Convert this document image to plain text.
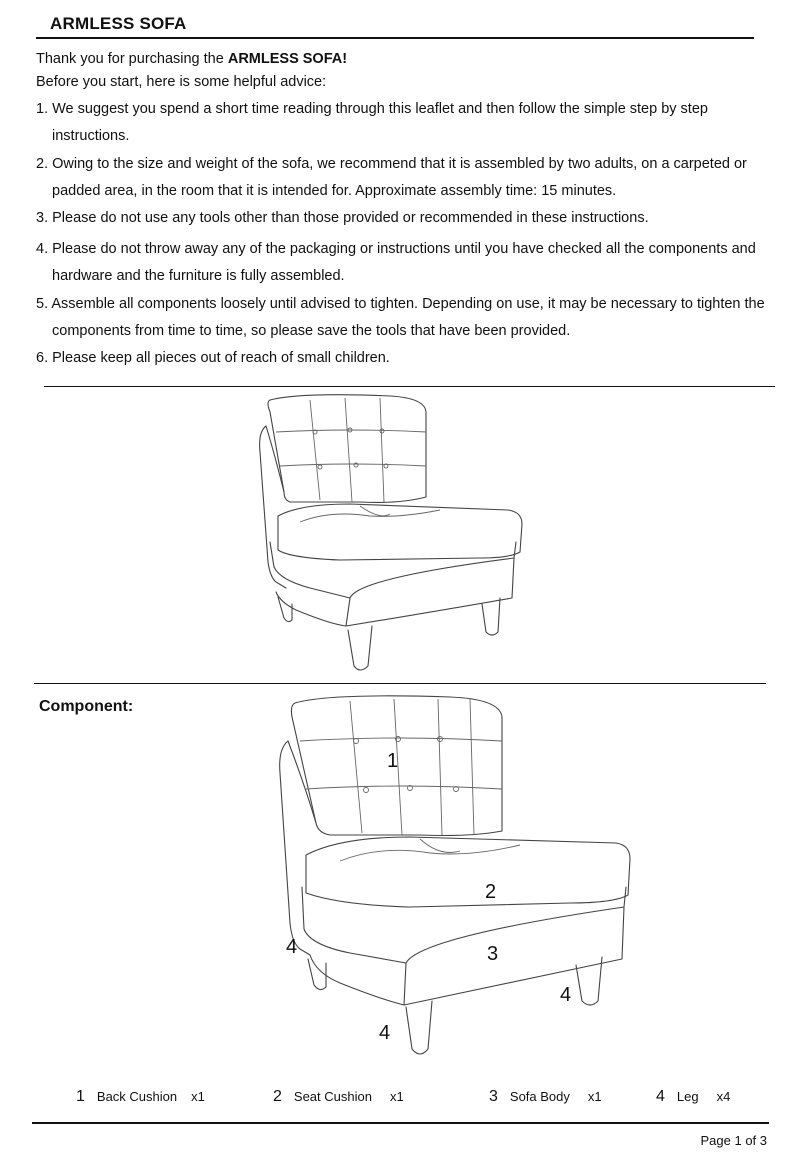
ARMLESS SOFA
Thank you for purchasing the ARMLESS SOFA!
Before you start, here is some helpful advice:
1. We suggest you spend a short time reading through this leaflet and then follow the simple step by step
instructions.
2. Owing to the size and weight of the sofa, we recommend that it is assembled by two adults, on a carpeted or
padded area, in the room that it is intended for. Approximate assembly time: 15 minutes.
3. Please do not use any tools other than those provided or recommended in these instructions.
4. Please do not throw away any of the packaging or instructions until you have checked all the components and
hardware and the furniture is fully assembled.
5. Assemble all components loosely until advised to tighten. Depending on use, it may be necessary to tighten the
components from time to time, so please save the tools that have been provided.
6. Please keep all pieces out of reach of small children.
Component:
1
2
3
4
4
4
1 Back Cushion x1	2 Seat Cushion x1	3 Sofa Body x1	4 Leg x4
Page 1 of 3
